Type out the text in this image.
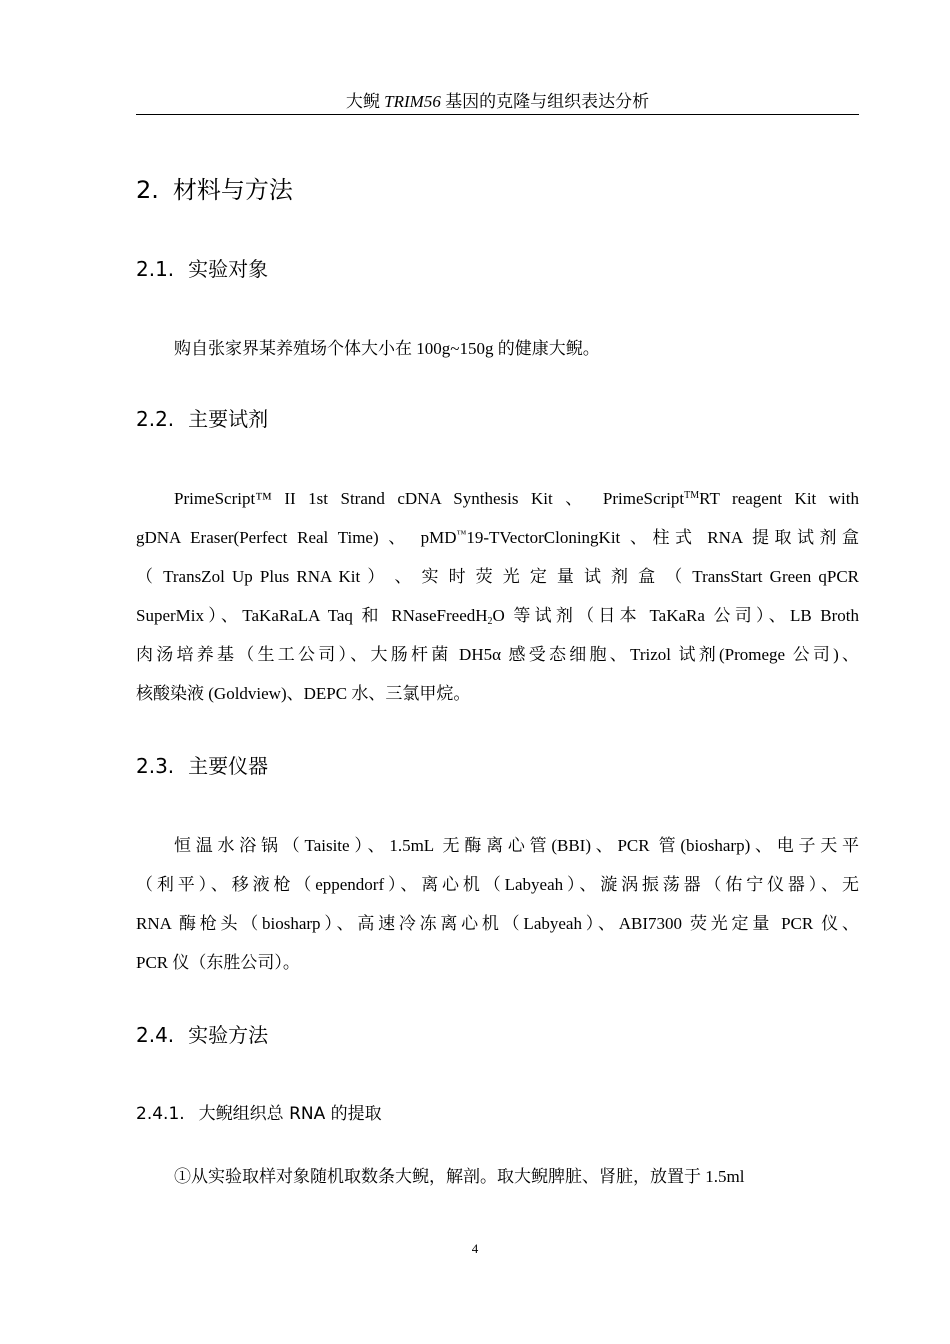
大鲵 TRIM56 基因的克隆与组织表达分析
2. 材料与方法
2.1. 实验对象
购自张家界某养殖场个体大小在 100g~150g 的健康大鲵。
2.2. 主要试剂
PrimeScript™ II 1st Strand cDNA Synthesis Kit 、 PrimeScript™RT reagent Kit with
gDNA Eraser(Perfect Real Time) 、 pMD™19-TVectorCloningKit 、柱式 RNA 提取试剂盒
（ TransZol Up Plus RNA Kit ） 、 实 时 荧 光 定 量 试 剂 盒 （ TransStart Green qPCR
SuperMix）、TaKaRaLA Taq 和 RNaseFreedH$_2$O 等试剂（日本 TaKaRa 公司）、LB Broth
肉汤培养基（生工公司）、大肠杆菌 DH5α 感受态细胞、Trizol 试剂(Promege 公司)、
核酸染液 (Goldview)、DEPC 水、三氯甲烷。
2.3. 主要仪器
恒温水浴锅（Taisite）、1.5mL 无酶离心管(BBI)、PCR 管(biosharp)、电子天平
（利平）、移液枪（eppendorf）、离心机（Labyeah）、漩涡振荡器（佑宁仪器）、无
RNA 酶枪头（biosharp）、高速冷冻离心机（Labyeah）、ABI7300 荧光定量 PCR 仪、
PCR 仪（东胜公司）。
2.4. 实验方法
2.4.1. 大鲵组织总 RNA 的提取
①从实验取样对象随机取数条大鲵，解剖。取大鲵脾脏、肾脏，放置于 1.5ml
4
